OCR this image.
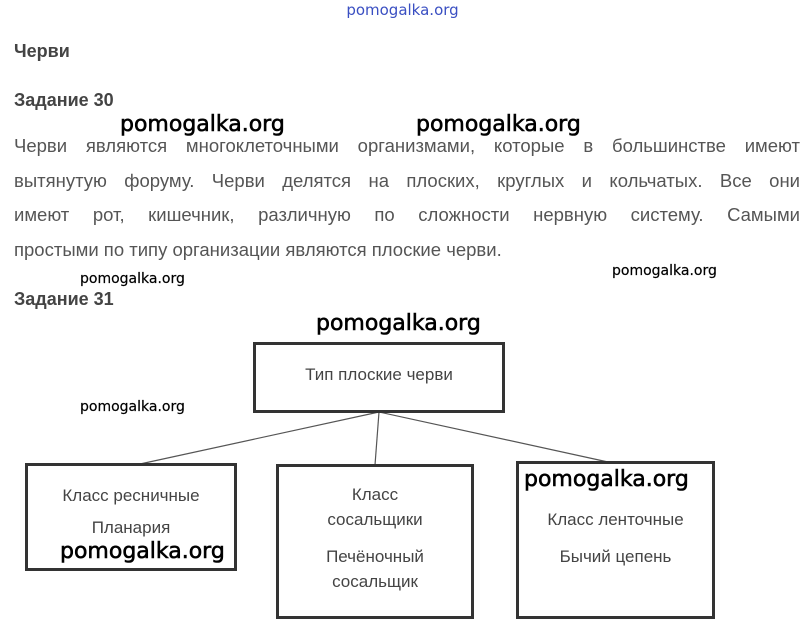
pomogalka.org
Черви
Задание 30
Черви являются многоклеточными организмами, которые в большинстве имеют
вытянутую форуму. Черви делятся на плоских, круглых и кольчатых. Все они
имеют рот, кишечник, различную по сложности нервную систему. Самыми
простыми по типу организации являются плоские черви.
Задание 31
Тип плоские черви
Класс ресничные
Планария
Класс
сосальщики
Печёночный
сосальщик
Класс ленточные
Бычий цепень
pomogalka.org	pomogalka.org
pomogalka.org	pomogalka.org
pomogalka.org
pomogalka.org
pomogalka.org
pomogalka.org
